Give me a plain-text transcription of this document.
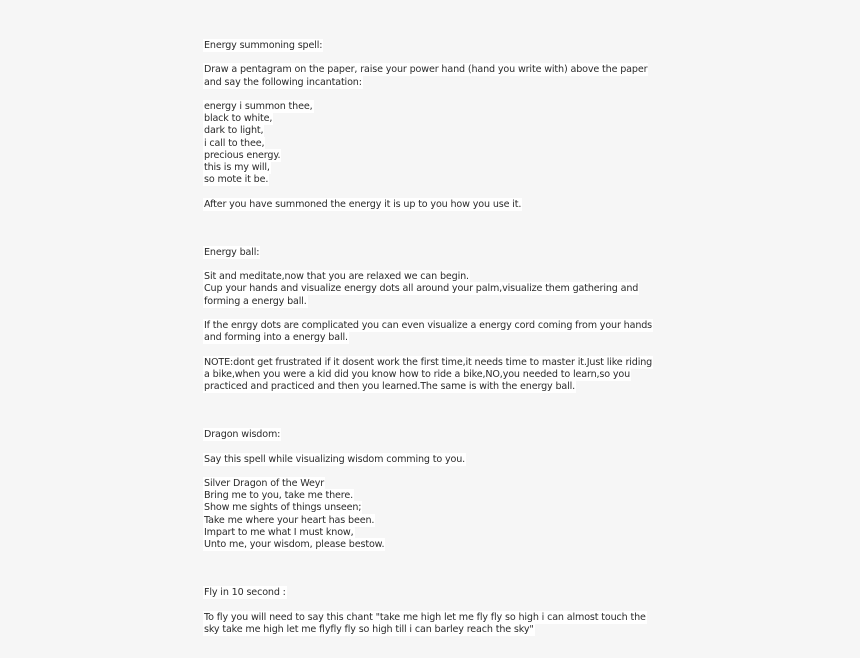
Energy summoning spell:
Draw a pentagram on the paper, raise your power hand (hand you write with) above the paper and say the following incantation:
energy i summon thee,
black to white,
dark to light,
i call to thee,
precious energy.
this is my will,
so mote it be.
After you have summoned the energy it is up to you how you use it.
Energy ball:
Sit and meditate,now that you are relaxed we can begin.
Cup your hands and visualize energy dots all around your palm,visualize them gathering and forming a energy ball.
If the enrgy dots are complicated you can even visualize a energy cord coming from your hands and forming into a energy ball.
NOTE:dont get frustrated if it dosent work the first time,it needs time to master it.Just like riding a bike,when you were a kid did you know how to ride a bike,NO,you needed to learn,so you practiced and practiced and then you learned.The same is with the energy ball.
Dragon wisdom:
Say this spell while visualizing wisdom comming to you.
Silver Dragon of the Weyr
Bring me to you, take me there.
Show me sights of things unseen;
Take me where your heart has been.
Impart to me what I must know,
Unto me, your wisdom, please bestow.
Fly in 10 second :
To fly you will need to say this chant "take me high let me fly fly so high i can almost touch the sky take me high let me flyfly fly so high till i can barley reach the sky"
